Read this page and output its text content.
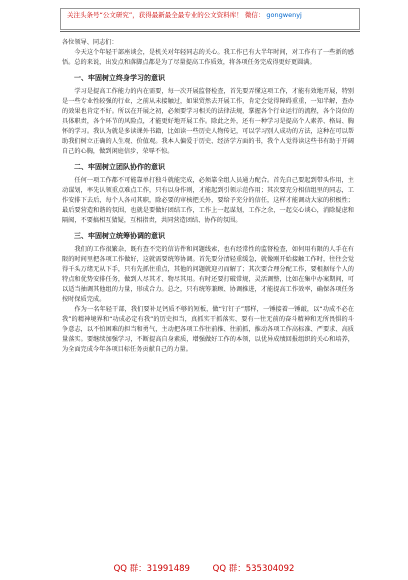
关注头条号“公文研究”，获得最新最全最专业的公文资料库！ 微信： gongwenyj

各位领导、同志们：

今天这个年轻干部座谈会，是机关对年轻同志的关心。我工作已有大半年时间，对工作有了一些新的感悟。总的来说，出发点和落脚点都是为了尽量提高工作质效，将各项任务完成得更好更圆满。

一、牢固树立终身学习的意识

学习是提高工作能力的内在需要，每一次开展监督检查，首先要弄懂这项工作，才能有效地开展，特别是一些专业性较强的行业，之前从未接触过，如果贸然去开展工作，肯定会觉得障碍重重，一知半解，查办的效果也肯定不好。所以在开展之初，必须要学习相关的法律法规，掌握各个行业运行的流程，各个岗位的具体职责，各个环节的风险点，才能更好地开展工作。除此之外，还有一种学习是提高个人素养、格局、胸怀的学习。我认为就是多读课外书籍，比如读一些历史人物传记，可以学习别人成功的方法，这种在可以帮助我们树立正确的人生观、价值观。我本人偏爱于历史、经济学方面的书，我个人觉得读这些书有助于开阔自己的心胸，做到闲庭信步，荣辱不惊。

二、牢固树立团队协作的意识

任何一项工作都不可能靠单打独斗就能完成，必须靠全组人员通力配合。首先自己要起到带头作用，主动谋划，率先认领重点难点工作，只有以身作则，才能起到引领示范作用；其次要充分相信组里的同志，工作安排下去后，每个人各司其职，除必要的审核把关外，要给予充分的信任，这样才能调动大家的积极性；最后要营造和谐的氛围，也就是要做好团结工作，工作上一起谋划，工作之余，一起交心谈心，消除疑虑和隔阂，不要搞相互猜疑，互相指责，共同营造团结、协作的氛围。

三、牢固树立统筹协调的意识

我们的工作很繁杂，既有查不完的信访件和问题线索，也有经常性的监督检查，如何用有限的人手在有限的时间里把各项工作做好，这就需要统筹协调。首先要分清轻重缓急，就像刚开始接触工作时，往往会觉得千头万绪无从下手，只有先抓住重点，其他的问题就迎刃而解了；其次要合理分配工作，要根据每个人的特点和优势安排任务，做到人尽其才、物尽其用。有时还要打破常规，灵活调整，比如在集中办案期间，可以适当抽调其他组的力量，形成合力。总之，只有统筹兼顾、协调推进，才能提高工作效率，确保各项任务按时保质完成。

作为一名年轻干部，我们要补足钙质不够的短板，做“钉钉子”那样，一锤接着一锤敲，以“功成不必在我”的精神境界和“功成必定有我”的历史担当，真抓实干抓落实、要有一往无前的奋斗精神和无所畏惧的斗争意志，以不怕困难的担当和勇气，主动把各项工作往前推、往前抓，推动各项工作高标准、严要求、高质量落实。要继续加强学习，不断提高自身素质，增强做好工作的本领，以优异成绩回报组织的关心和培养，为全面完成今年各项目标任务贡献自己的力量。

QQ 群：31991489	QQ 群：535304092
